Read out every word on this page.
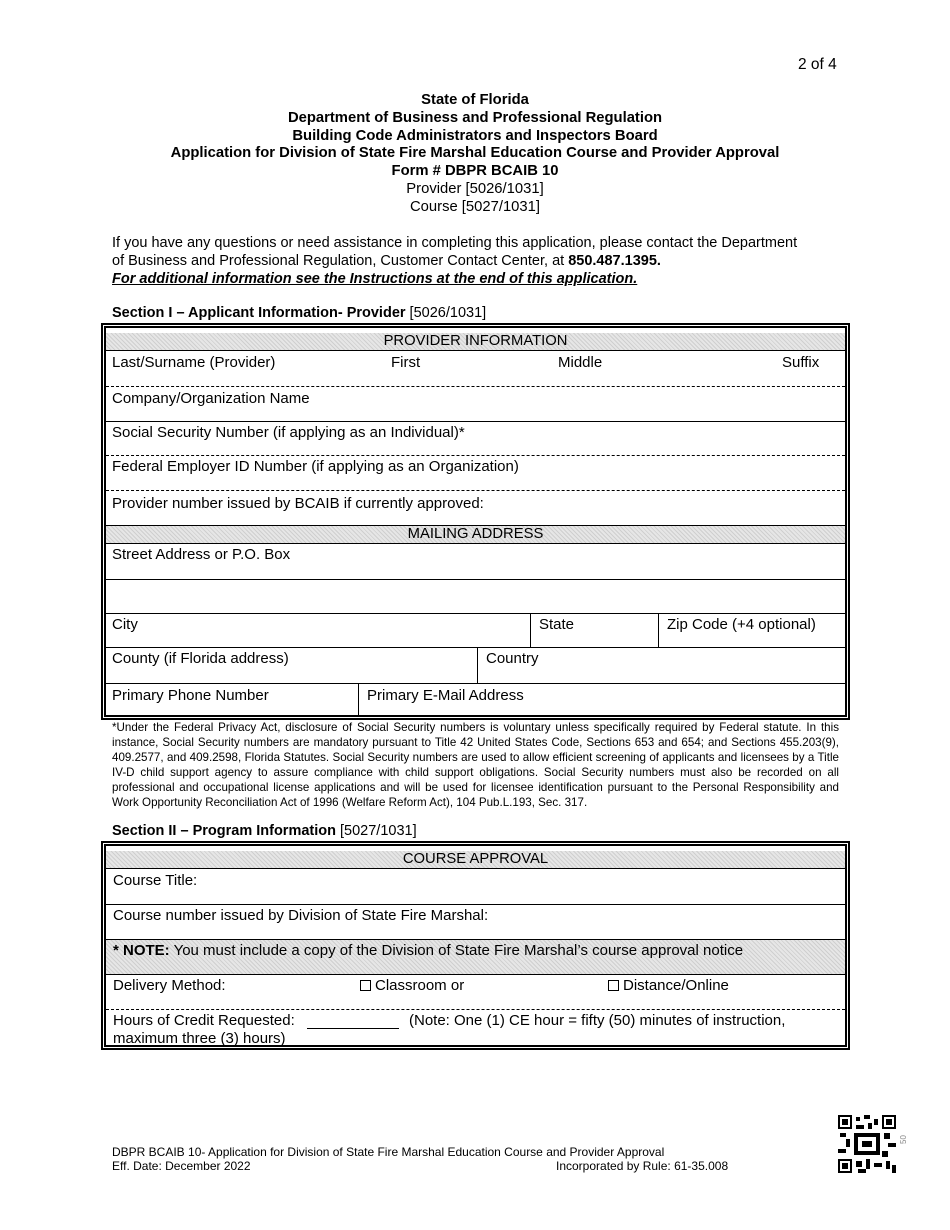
2 of 4
State of Florida
Department of Business and Professional Regulation
Building Code Administrators and Inspectors Board
Application for Division of State Fire Marshal Education Course and Provider Approval
Form # DBPR BCAIB 10
Provider [5026/1031]
Course [5027/1031]
If you have any questions or need assistance in completing this application, please contact the Department of Business and Professional Regulation, Customer Contact Center, at 850.487.1395.
For additional information see the Instructions at the end of this application.
Section I – Applicant Information- Provider [5026/1031]
PROVIDER INFORMATION
Last/Surname (Provider)	First	Middle	Suffix
Company/Organization Name
Social Security Number (if applying as an Individual)*
Federal Employer ID Number (if applying as an Organization)
Provider number issued by BCAIB if currently approved:
MAILING ADDRESS
Street Address or P.O. Box
City	State	Zip Code (+4 optional)
County (if Florida address)	Country
Primary Phone Number	Primary E-Mail Address
*Under the Federal Privacy Act, disclosure of Social Security numbers is voluntary unless specifically required by Federal statute. In this instance, Social Security numbers are mandatory pursuant to Title 42 United States Code, Sections 653 and 654; and Sections 455.203(9), 409.2577, and 409.2598, Florida Statutes. Social Security numbers are used to allow efficient screening of applicants and licensees by a Title IV-D child support agency to assure compliance with child support obligations. Social Security numbers must also be recorded on all professional and occupational license applications and will be used for licensee identification pursuant to the Personal Responsibility and Work Opportunity Reconciliation Act of 1996 (Welfare Reform Act), 104 Pub.L.193, Sec. 317.
Section II – Program Information [5027/1031]
COURSE APPROVAL
Course Title:
Course number issued by Division of State Fire Marshal:
* NOTE: You must include a copy of the Division of State Fire Marshal’s course approval notice
Delivery Method:	Classroom or	Distance/Online
Hours of Credit Requested:	(Note: One (1) CE hour = fifty (50) minutes of instruction,
maximum three (3) hours)
DBPR BCAIB 10- Application for Division of State Fire Marshal Education Course and Provider Approval
Eff. Date: December 2022	Incorporated by Rule: 61-35.008
50
